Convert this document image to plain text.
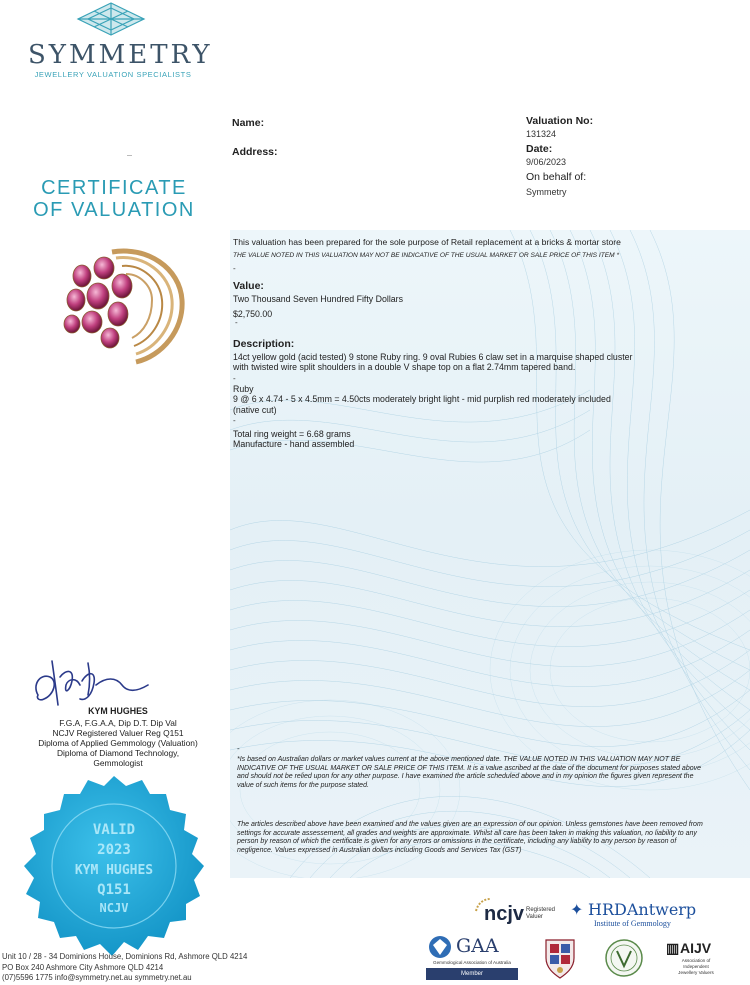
SYMMETRY
JEWELLERY VALUATION SPECIALISTS
CERTIFICATE
OF VALUATION
Name:
Address:
Valuation No:
131324
Date:
9/06/2023
On behalf of:
Symmetry
This valuation has been prepared for the sole purpose of Retail replacement at a bricks & mortar store
THE VALUE NOTED IN THIS VALUATION MAY NOT BE INDICATIVE OF THE USUAL MARKET OR SALE PRICE OF THIS ITEM *
-
Value:
Two Thousand Seven Hundred Fifty Dollars
$2,750.00
-
Description:
14ct yellow gold (acid tested) 9 stone Ruby ring. 9 oval Rubies 6 claw set in a marquise shaped cluster
with twisted wire split shoulders in a double V shape top on a flat 2.74mm tapered band.
-
Ruby
9 @ 6 x 4.74 - 5 x 4.5mm = 4.50cts moderately bright light - mid purplish red moderately included
(native cut)
-
Total ring weight = 6.68 grams
Manufacture - hand assembled
KYM HUGHES
F.G.A, F.G.A.A, Dip D.T. Dip Val
NCJV Registered Valuer Reg Q151
Diploma of Applied Gemmology (Valuation)
Diploma of Diamond Technology,
Gemmologist
VALID
2023
KYM HUGHES
Q151
NCJV
-
*Is based on Australian dollars or market values current at the above mentioned date. THE VALUE NOTED IN THIS VALUATION MAY NOT BE INDICATIVE OF THE USUAL MARKET OR SALE PRICE OF THIS ITEM. It is a value ascribed at the date of the document for purposes stated above and should not be relied upon for any other purpose. I have examined the article scheduled above and in my opinion the figures given represent the value of such items for the purpose stated.
The articles described above have been examined and the values given are an expression of our opinion. Unless gemstones have been removed from settings for accurate assessement, all grades and weights are approximate. Whilst all care has been taken in making this valuation, no liability to any person by reason of which the certificate is given for any errors or omissions in the certificate, including any liability to any person by reason of negligence. Values expressed in Australian dollars including Goods and Services Tax (GST)
ncjv Registered
Valuer ✦ HRDAntwerp
Institute of Gemmology
GAA
Gemmological Association of Australia
Member
▥ AIJV
Association of
Independent
Jewellery Valuers
Unit 10 / 28 - 34 Dominions House, Dominions Rd, Ashmore QLD 4214
PO Box 240 Ashmore City Ashmore QLD 4214
(07)5596 1775 info@symmetry.net.au symmetry.net.au
